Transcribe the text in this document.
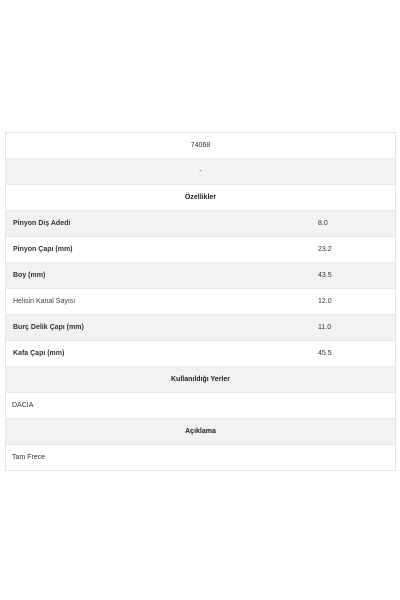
74068	
-	
Özellikler	
Pinyon Diş Adedi	8.0
Pinyon Çapı (mm)	23.2
Boy (mm)	43.5
Helisin Kanal Sayısı	12.0
Burç Delik Çapı (mm)	11.0
Kafa Çapı (mm)	45.5
Kullanıldığı Yerler	
DACIA	
Açıklama	
Tam Frece	
